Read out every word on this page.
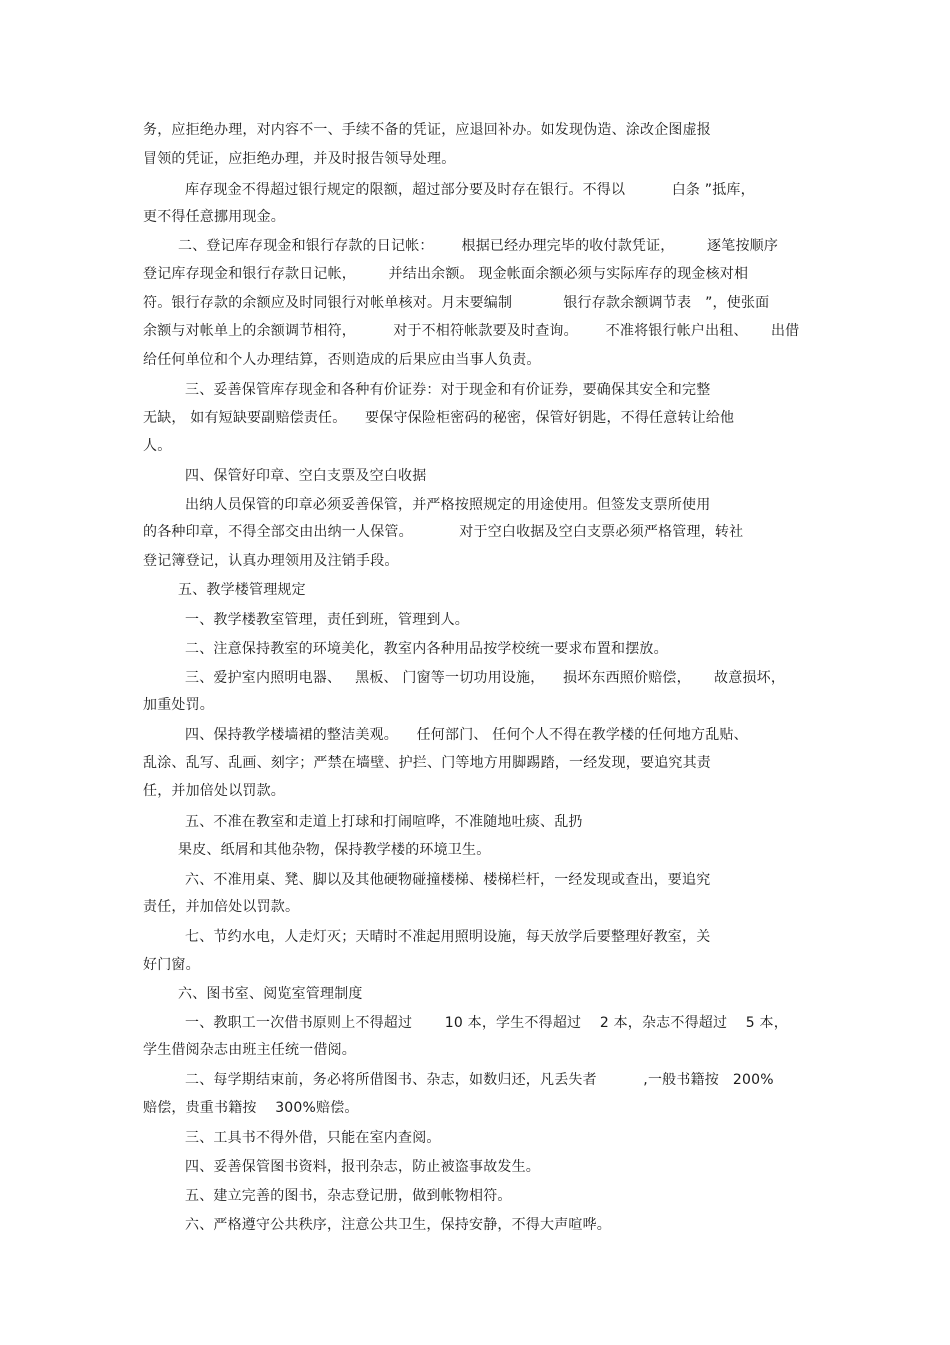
务，应拒绝办理，对内容不一、手续不备的凭证，应退回补办。如发现伪造、涂改企图虚报
冒领的凭证，应拒绝办理，并及时报告领导处理。
库存现金不得超过银行规定的限额，超过部分要及时存在银行。不得以          白条 ”抵库，
更不得任意挪用现金。
二、登记库存现金和银行存款的日记帐：      根据已经办理完毕的收付款凭证，       逐笔按顺序
登记库存现金和银行存款日记帐，       并结出余额。 现金帐面余额必须与实际库存的现金核对相
符。银行存款的余额应及时同银行对帐单核对。月末要编制           银行存款余额调节表   ”，使张面
余额与对帐单上的余额调节相符，        对于不相符帐款要及时查询。      不准将银行帐户出租、     出借
给任何单位和个人办理结算，否则造成的后果应由当事人负责。
三、妥善保管库存现金和各种有价证券：对于现金和有价证券，要确保其安全和完整
无缺， 如有短缺要副赔偿责任。    要保守保险柜密码的秘密，保管好钥匙，不得任意转让给他
人。
四、保管好印章、空白支票及空白收据
出纳人员保管的印章必须妥善保管，并严格按照规定的用途使用。但签发支票所使用
的各种印章，不得全部交由出纳一人保管。          对于空白收据及空白支票必须严格管理，转社
登记簿登记，认真办理领用及注销手段。
五、教学楼管理规定
一、教学楼教室管理，责任到班，管理到人。
二、注意保持教室的环境美化，教室内各种用品按学校统一要求布置和摆放。
三、爱护室内照明电器、   黑板、 门窗等一切功用设施，    损坏东西照价赔偿，     故意损坏，
加重处罚。
四、保持教学楼墙裙的整洁美观。    任何部门、 任何个人不得在教学楼的任何地方乱贴、
乱涂、乱写、乱画、刻字；严禁在墙壁、护拦、门等地方用脚踢踏，一经发现，要追究其责
任，并加倍处以罚款。
五、不准在教室和走道上打球和打闹喧哗，不准随地吐痰、乱扔
果皮、纸屑和其他杂物，保持教学楼的环境卫生。
六、不准用桌、凳、脚以及其他硬物碰撞楼梯、楼梯栏杆，一经发现或查出，要追究
责任，并加倍处以罚款。
七、节约水电，人走灯灭；天晴时不准起用照明设施，每天放学后要整理好教室，关
好门窗。
六、图书室、阅览室管理制度
一、教职工一次借书原则上不得超过       10 本，学生不得超过    2 本，杂志不得超过    5 本，
学生借阅杂志由班主任统一借阅。
二、每学期结束前，务必将所借图书、杂志，如数归还，凡丢失者          ,一般书籍按   200%
赔偿，贵重书籍按    300%赔偿。
三、工具书不得外借，只能在室内查阅。
四、妥善保管图书资料，报刊杂志，防止被盗事故发生。
五、建立完善的图书，杂志登记册，做到帐物相符。
六、严格遵守公共秩序，注意公共卫生，保持安静，不得大声喧哗。
